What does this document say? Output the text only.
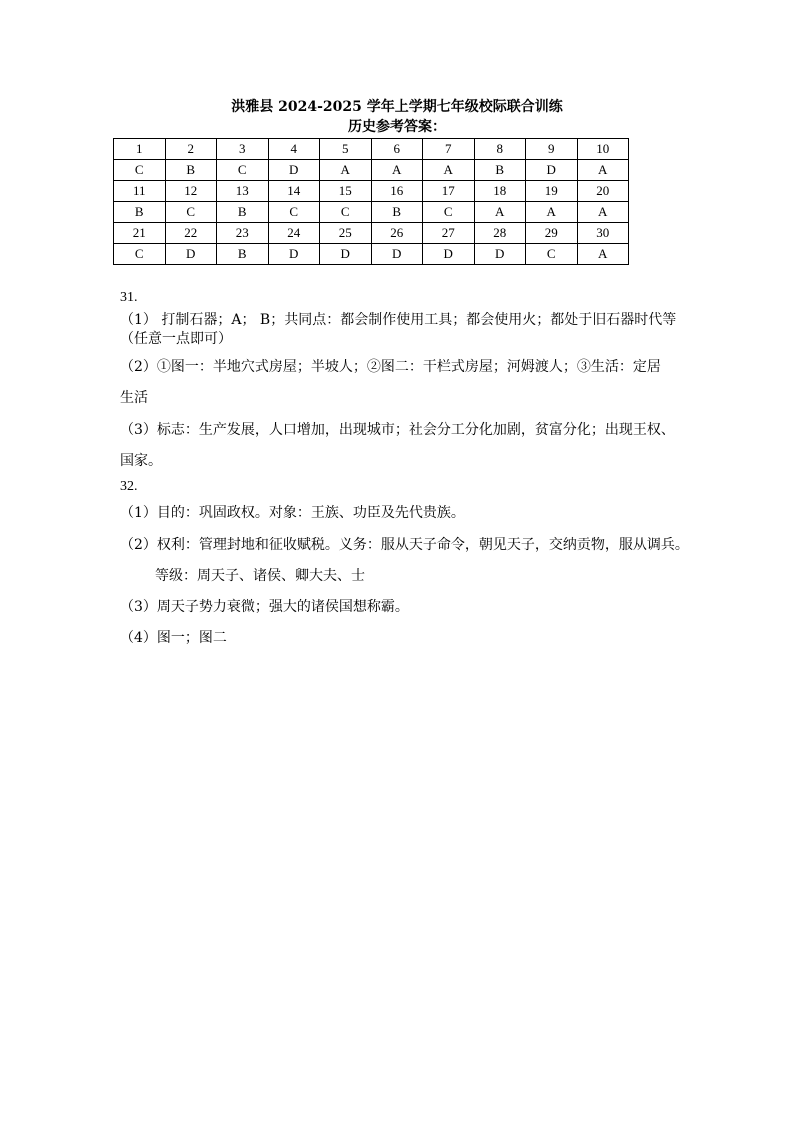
洪雅县 2024-2025 学年上学期七年级校际联合训练
历史参考答案：
1	2	3	4	5	6	7	8	9	10
C	B	C	D	A	A	A	B	D	A
11	12	13	14	15	16	17	18	19	20
B	C	B	C	C	B	C	A	A	A
21	22	23	24	25	26	27	28	29	30
C	D	B	D	D	D	D	D	C	A
31.
（1） 打制石器；A； B；共同点：都会制作使用工具；都会使用火；都处于旧石器时代等
（任意一点即可）
（2）①图一：半地穴式房屋；半坡人；②图二：干栏式房屋；河姆渡人；③生活：定居
生活
（3）标志：生产发展，人口增加，出现城市；社会分工分化加剧，贫富分化；出现王权、
国家。
32.
（1）目的：巩固政权。对象：王族、功臣及先代贵族。
（2）权利：管理封地和征收赋税。义务：服从天子命令，朝见天子，交纳贡物，服从调兵。
等级：周天子、诸侯、卿大夫、士
（3）周天子势力衰微；强大的诸侯国想称霸。
（4）图一；图二
